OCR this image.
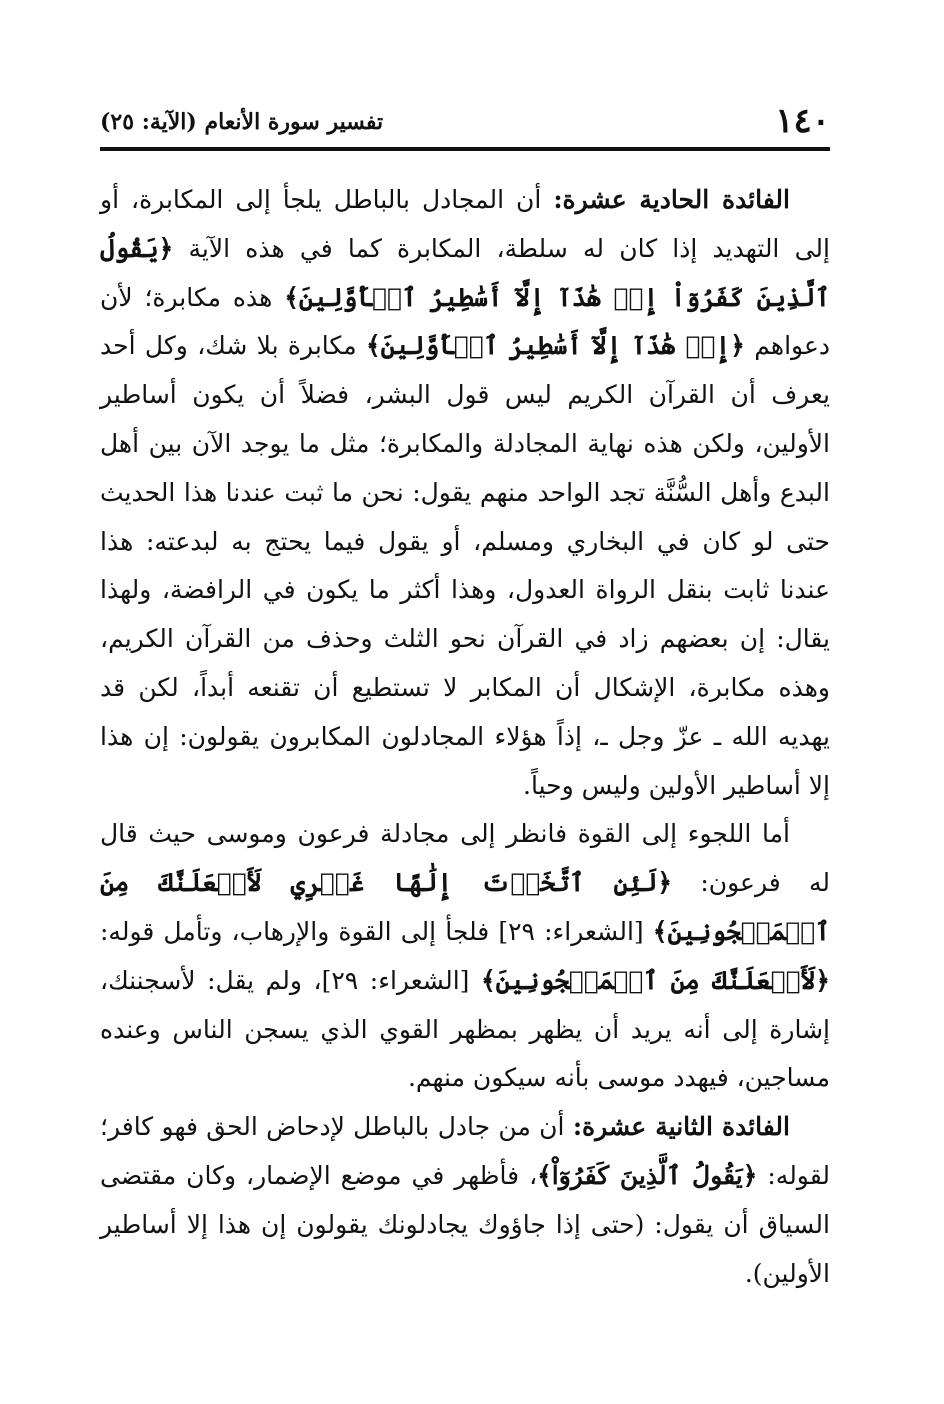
١٤٠
تفسير سورة الأنعام (الآية: ٢٥)

الفائدة الحادية عشرة: أن المجادل بالباطل يلجأ إلى المكابرة، أو إلى التهديد إذا كان له سلطة، المكابرة كما في هذه الآية ﴿يَقُولُ ٱلَّذِينَ كَفَرُوٓاْ إِنۡ هَٰذَآ إِلَّآ أَسَٰطِيرُ ٱلۡأَوَّلِينَ﴾ هذه مكابرة؛ لأن دعواهم ﴿إِنۡ هَٰذَآ إِلَّآ أَسَٰطِيرُ ٱلۡأَوَّلِينَ﴾ مكابرة بلا شك، وكل أحد يعرف أن القرآن الكريم ليس قول البشر، فضلاً أن يكون أساطير الأولين، ولكن هذه نهاية المجادلة والمكابرة؛ مثل ما يوجد الآن بين أهل البدع وأهل السُّنَّة تجد الواحد منهم يقول: نحن ما ثبت عندنا هذا الحديث حتى لو كان في البخاري ومسلم، أو يقول فيما يحتج به لبدعته: هذا عندنا ثابت بنقل الرواة العدول، وهذا أكثر ما يكون في الرافضة، ولهذا يقال: إن بعضهم زاد في القرآن نحو الثلث وحذف من القرآن الكريم، وهذه مكابرة، الإشكال أن المكابر لا تستطيع أن تقنعه أبداً، لكن قد يهديه الله ـ عزّ وجل ـ، إذاً هؤلاء المجادلون المكابرون يقولون: إن هذا إلا أساطير الأولين وليس وحياً.

أما اللجوء إلى القوة فانظر إلى مجادلة فرعون وموسى حيث قال له فرعون: ﴿لَئِنِ ٱتَّخَذۡتَ إِلَٰهًا غَيۡرِي لَأَجۡعَلَنَّكَ مِنَ ٱلۡمَسۡجُونِينَ﴾ [الشعراء: ٢٩] فلجأ إلى القوة والإرهاب، وتأمل قوله: ﴿لَأَجۡعَلَنَّكَ مِنَ ٱلۡمَسۡجُونِينَ﴾ [الشعراء: ٢٩]، ولم يقل: لأسجننك، إشارة إلى أنه يريد أن يظهر بمظهر القوي الذي يسجن الناس وعنده مساجين، فيهدد موسى بأنه سيكون منهم.

الفائدة الثانية عشرة: أن من جادل بالباطل لإدحاض الحق فهو كافر؛ لقوله: ﴿يَقُولُ ٱلَّذِينَ كَفَرُوٓاْ﴾، فأظهر في موضع الإضمار، وكان مقتضى السياق أن يقول: (حتى إذا جاؤوك يجادلونك يقولون إن هذا إلا أساطير الأولين).
